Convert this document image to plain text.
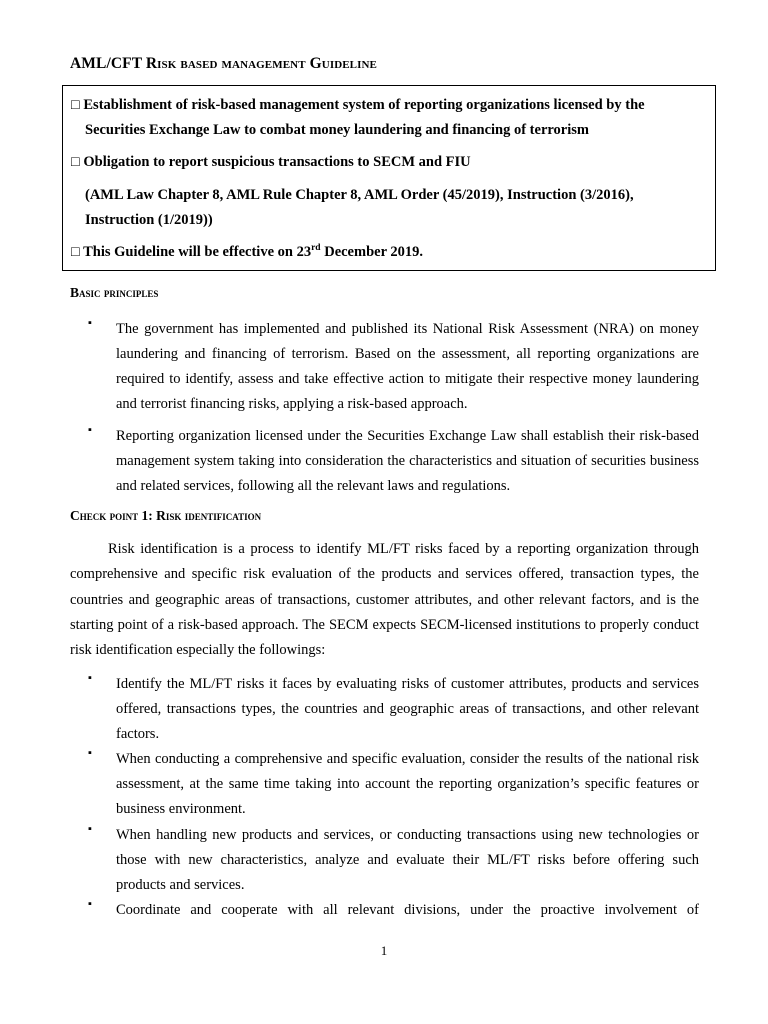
AML/CFT Risk based management Guideline
□ Establishment of risk-based management system of reporting organizations licensed by the
Securities Exchange Law to combat money laundering and financing of terrorism
□ Obligation to report suspicious transactions to SECM and FIU
(AML Law Chapter 8, AML Rule Chapter 8, AML Order (45/2019), Instruction (3/2016),
Instruction (1/2019))
□ This Guideline will be effective on 23rd December 2019.
Basic principles
▪ The government has implemented and published its National Risk Assessment (NRA) on money laundering and financing of terrorism. Based on the assessment, all reporting organizations are required to identify, assess and take effective action to mitigate their respective money laundering and terrorist financing risks, applying a risk-based approach.
▪ Reporting organization licensed under the Securities Exchange Law shall establish their risk-based management system taking into consideration the characteristics and situation of securities business and related services, following all the relevant laws and regulations.
Check point 1: Risk identification
Risk identification is a process to identify ML/FT risks faced by a reporting organization through comprehensive and specific risk evaluation of the products and services offered, transaction types, the countries and geographic areas of transactions, customer attributes, and other relevant factors, and is the starting point of a risk-based approach. The SECM expects SECM-licensed institutions to properly conduct risk identification especially the followings:
▪ Identify the ML/FT risks it faces by evaluating risks of customer attributes, products and services offered, transactions types, the countries and geographic areas of transactions, and other relevant factors.
▪ When conducting a comprehensive and specific evaluation, consider the results of the national risk assessment, at the same time taking into account the reporting organization’s specific features or business environment.
▪ When handling new products and services, or conducting transactions using new technologies or those with new characteristics, analyze and evaluate their ML/FT risks before offering such products and services.
▪ Coordinate and cooperate with all relevant divisions, under the proactive involvement of
1
